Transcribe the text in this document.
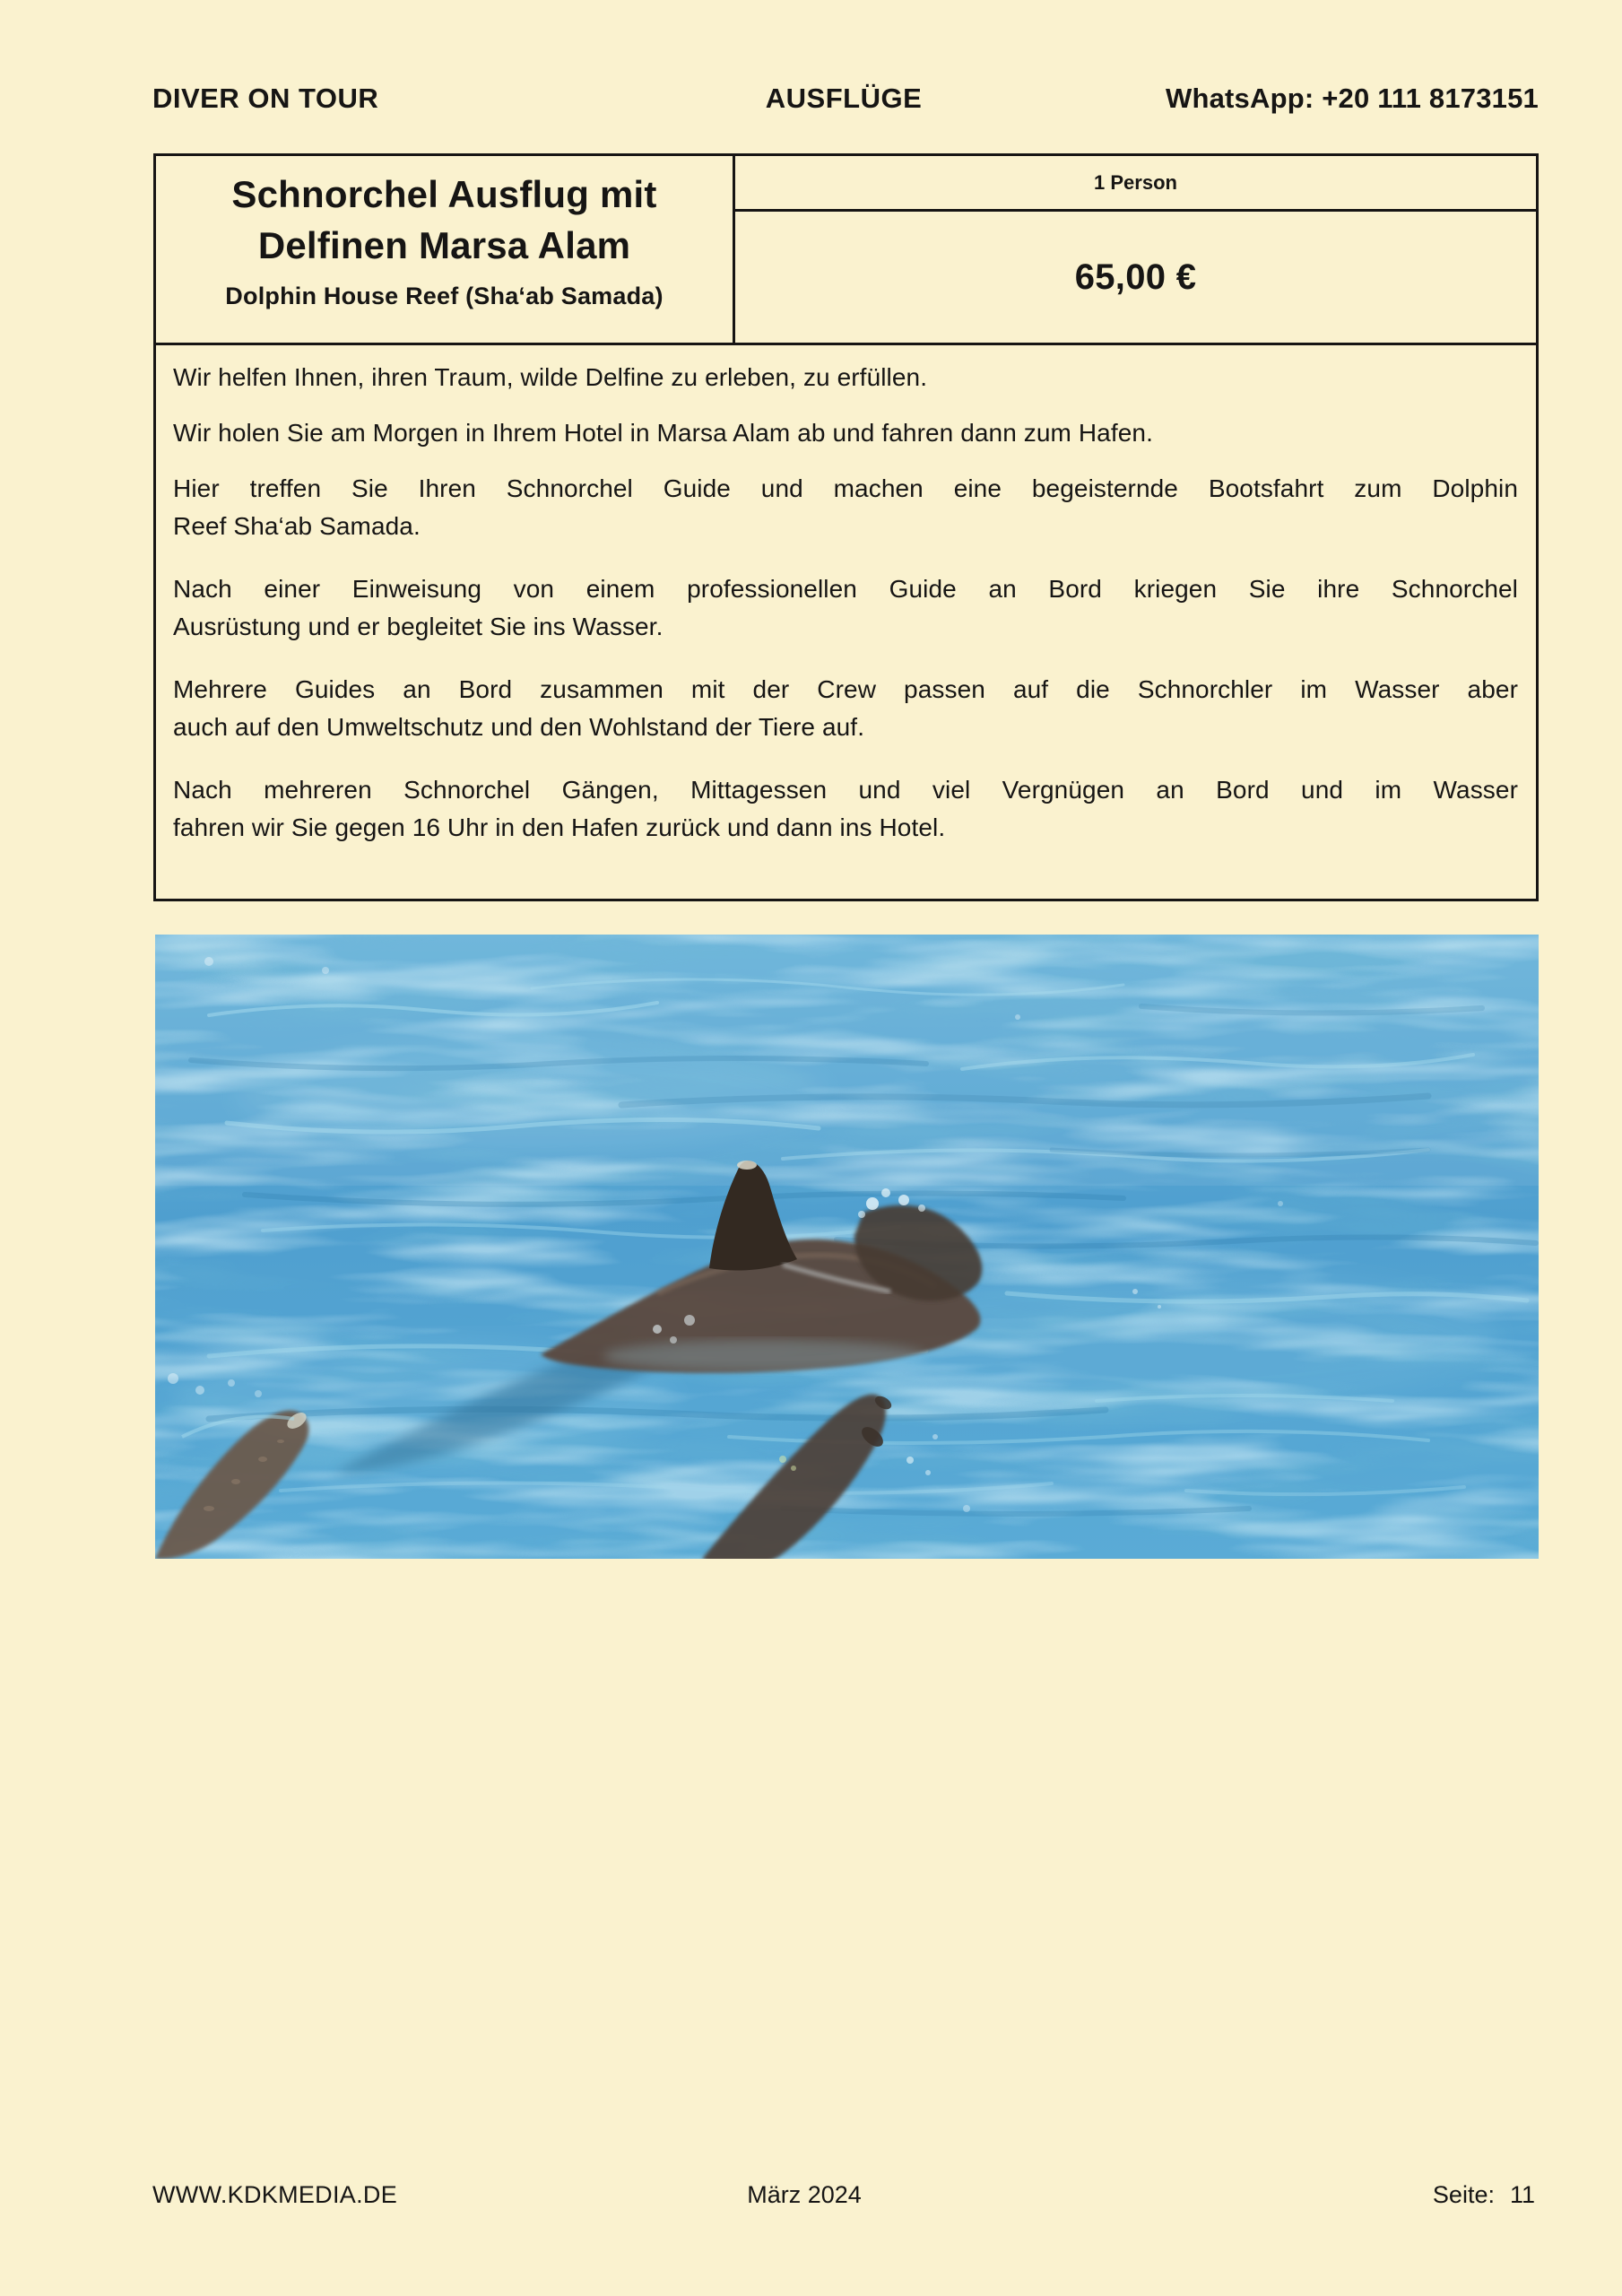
DIVER ON TOUR	AUSFLÜGE	WhatsApp: +20 111 8173151
Schnorchel Ausflug mit
Delfinen Marsa Alam
Dolphin House Reef (Sha‘ab Samada)
1 Person
65,00 €

Wir helfen Ihnen, ihren Traum, wilde Delfine zu erleben, zu erfüllen.

Wir holen Sie am Morgen in Ihrem Hotel in Marsa Alam ab und fahren dann zum Hafen.

Hier treffen Sie Ihren Schnorchel Guide und machen eine begeisternde Bootsfahrt zum Dolphin
Reef Sha‘ab Samada.

Nach einer Einweisung von einem professionellen Guide an Bord kriegen Sie ihre Schnorchel
Ausrüstung und er begleitet Sie ins Wasser.

Mehrere Guides an Bord zusammen mit der Crew passen auf die Schnorchler im Wasser aber
auch auf den Umweltschutz und den Wohlstand der Tiere auf.

Nach mehreren Schnorchel Gängen, Mittagessen und viel Vergnügen an Bord und im Wasser
fahren wir Sie gegen 16 Uhr in den Hafen zurück und dann ins Hotel.

WWW.KDKMEDIA.DE	März 2024	Seite: 11
